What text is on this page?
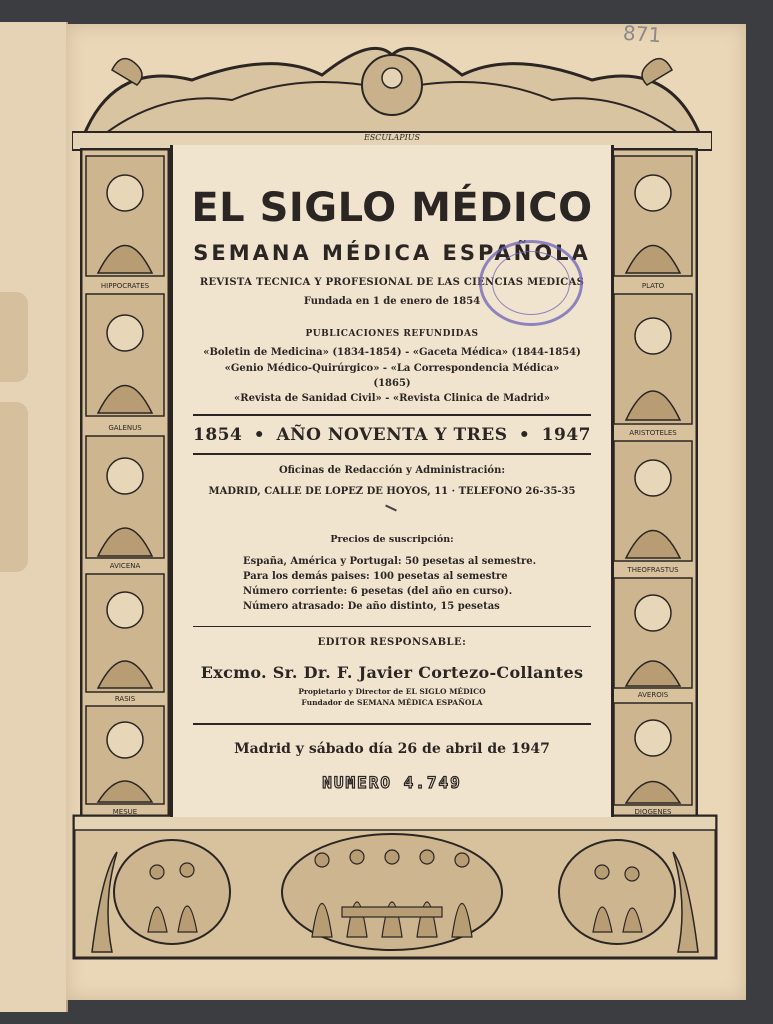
871
ESCULAPIUS
HIPPOCRATES
GALENUS
AVICENA
RASIS
MESUE
PLATO
ARISTOTELES
THEOFRASTUS
AVEROIS
DIOGENES
EL SIGLO MÉDICO
SEMANA MÉDICA ESPAÑOLA
REVISTA TECNICA Y PROFESIONAL DE LAS CIENCIAS MEDICAS
Fundada en 1 de enero de 1854
PUBLICACIONES REFUNDIDAS
«Boletin de Medicina» (1834-1854) - «Gaceta Médica» (1844-1854)
«Genio Médico-Quirúrgico» - «La Correspondencia Médica»
(1865)
«Revista de Sanidad Civil» - «Revista Clinica de Madrid»
1854 • AÑO NOVENTA Y TRES • 1947
Oficinas de Redacción y Administración:
MADRID, CALLE DE LOPEZ DE HOYOS, 11 · TELEFONO 26-35-35
Precios de suscripción:
España, América y Portugal: 50 pesetas al semestre.
Para los demás paises: 100 pesetas al semestre
Número corriente: 6 pesetas (del año en curso).
Número atrasado: De año distinto, 15 pesetas
EDITOR RESPONSABLE:
Excmo. Sr. Dr. F. Javier Cortezo-Collantes
Propietario y Director de EL SIGLO MÉDICO
Fundador de SEMANA MÉDICA ESPAÑOLA
Madrid y sábado día 26 de abril de 1947
NUMERO 4.749
